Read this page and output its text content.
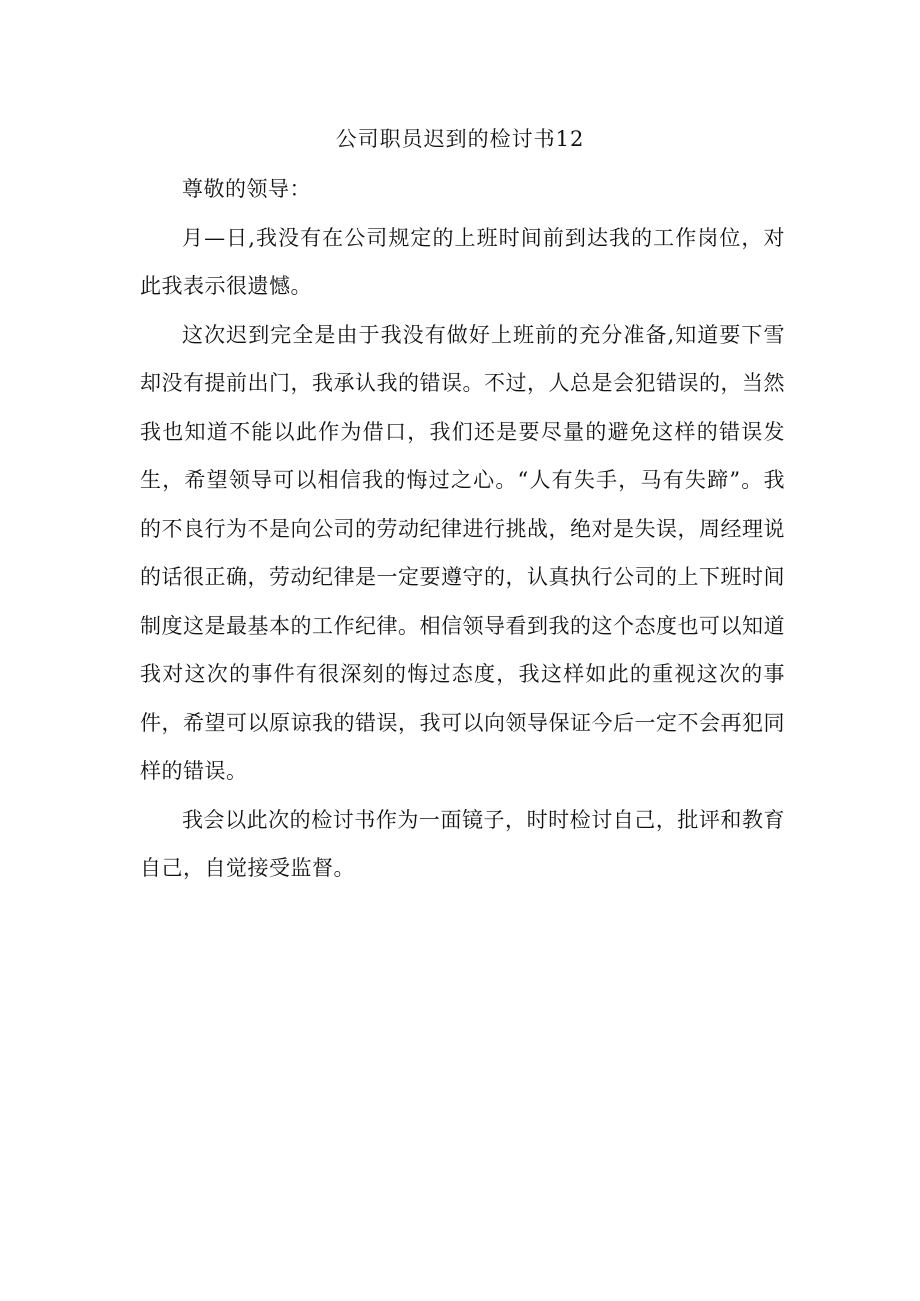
公司职员迟到的检讨书12

尊敬的领导：

月—日,我没有在公司规定的上班时间前到达我的工作岗位，对此我表示很遗憾。

这次迟到完全是由于我没有做好上班前的充分准备,知道要下雪却没有提前出门，我承认我的错误。不过，人总是会犯错误的，当然我也知道不能以此作为借口，我们还是要尽量的避免这样的错误发生，希望领导可以相信我的悔过之心。“人有失手，马有失蹄”。我的不良行为不是向公司的劳动纪律进行挑战，绝对是失误，周经理说的话很正确，劳动纪律是一定要遵守的，认真执行公司的上下班时间制度这是最基本的工作纪律。相信领导看到我的这个态度也可以知道我对这次的事件有很深刻的悔过态度，我这样如此的重视这次的事件，希望可以原谅我的错误，我可以向领导保证今后一定不会再犯同样的错误。

我会以此次的检讨书作为一面镜子，时时检讨自己，批评和教育自己，自觉接受监督。
